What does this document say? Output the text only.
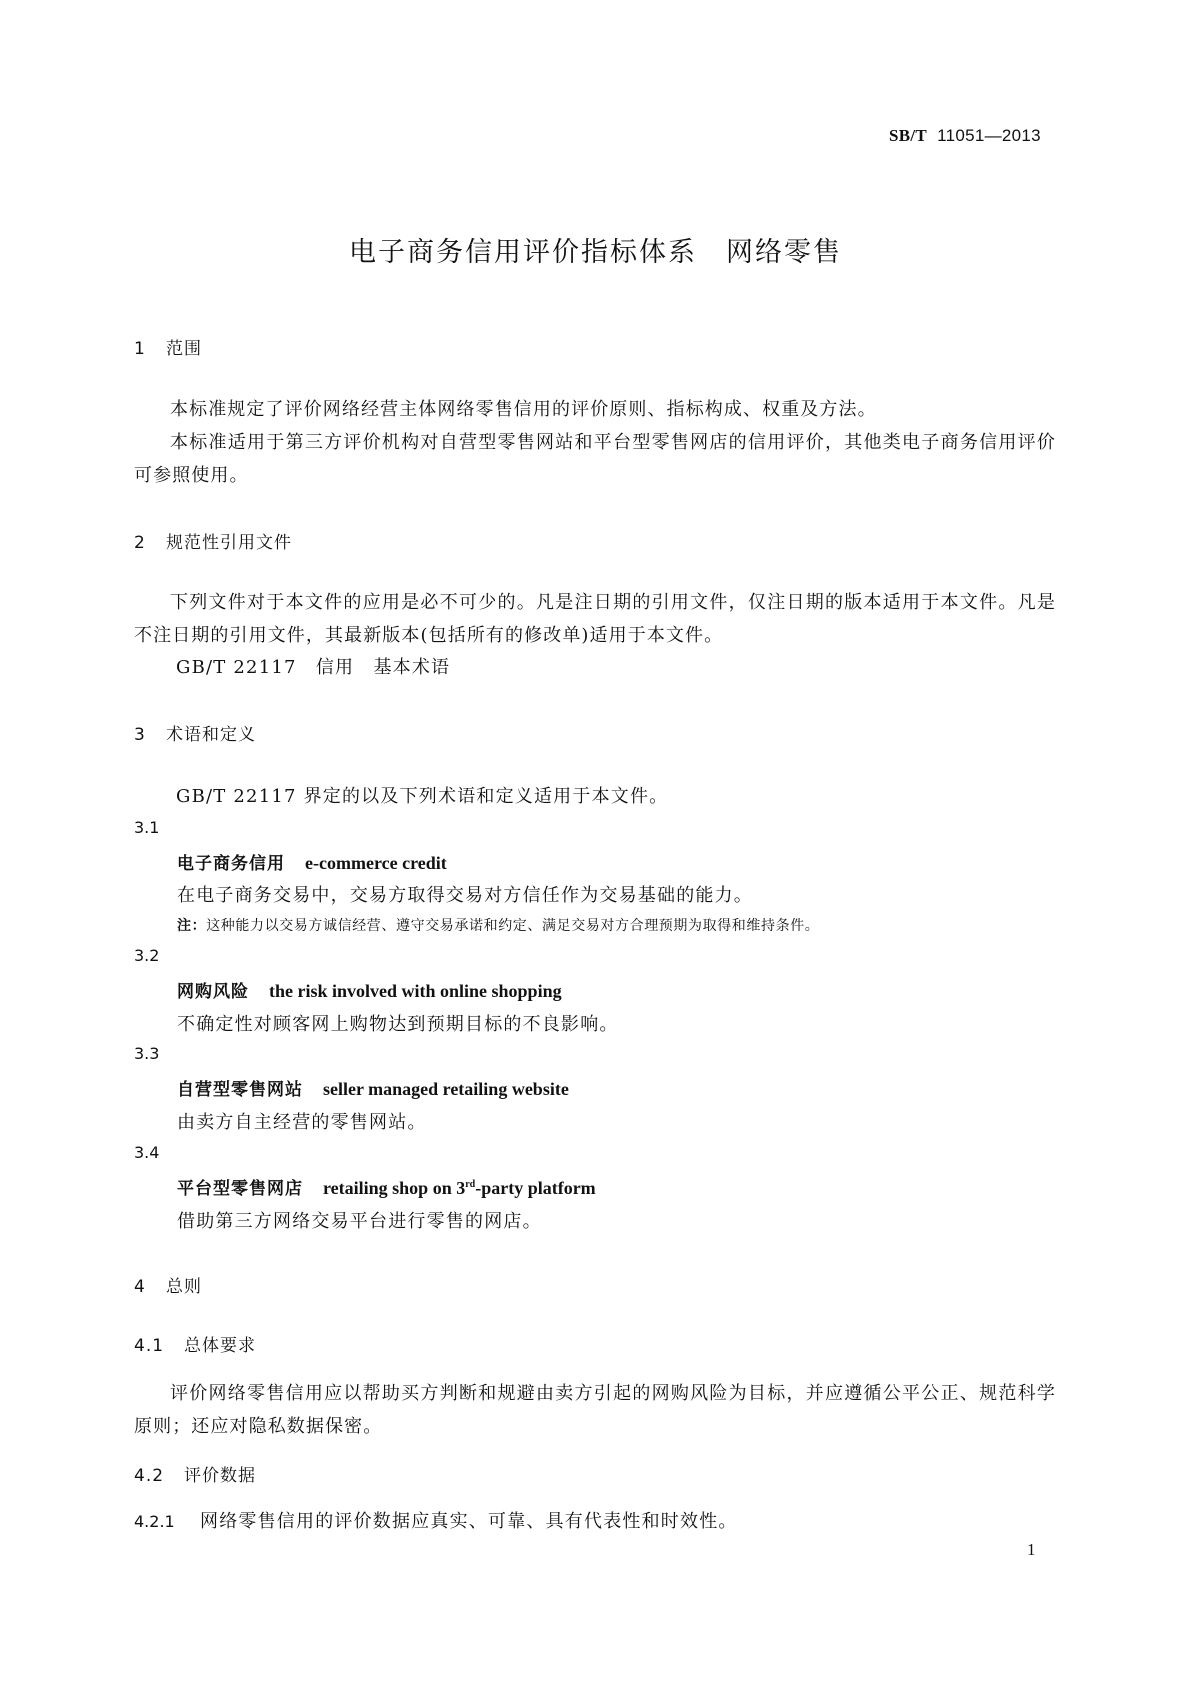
SB/T 11051—2013
电子商务信用评价指标体系　网络零售
1 范围
本标准规定了评价网络经营主体网络零售信用的评价原则、指标构成、权重及方法。
本标准适用于第三方评价机构对自营型零售网站和平台型零售网店的信用评价，其他类电子商务信用评价可参照使用。
2 规范性引用文件
下列文件对于本文件的应用是必不可少的。凡是注日期的引用文件，仅注日期的版本适用于本文件。凡是不注日期的引用文件，其最新版本(包括所有的修改单)适用于本文件。
GB/T 22117　信用　基本术语
3 术语和定义
GB/T 22117 界定的以及下列术语和定义适用于本文件。
3.1
电子商务信用 e-commerce credit
在电子商务交易中，交易方取得交易对方信任作为交易基础的能力。
注：这种能力以交易方诚信经营、遵守交易承诺和约定、满足交易对方合理预期为取得和维持条件。
3.2
网购风险 the risk involved with online shopping
不确定性对顾客网上购物达到预期目标的不良影响。
3.3
自营型零售网站 seller managed retailing website
由卖方自主经营的零售网站。
3.4
平台型零售网店 retailing shop on 3rd-party platform
借助第三方网络交易平台进行零售的网店。
4 总则
4.1 总体要求
评价网络零售信用应以帮助买方判断和规避由卖方引起的网购风险为目标，并应遵循公平公正、规范科学原则；还应对隐私数据保密。
4.2 评价数据
4.2.1 网络零售信用的评价数据应真实、可靠、具有代表性和时效性。
1
